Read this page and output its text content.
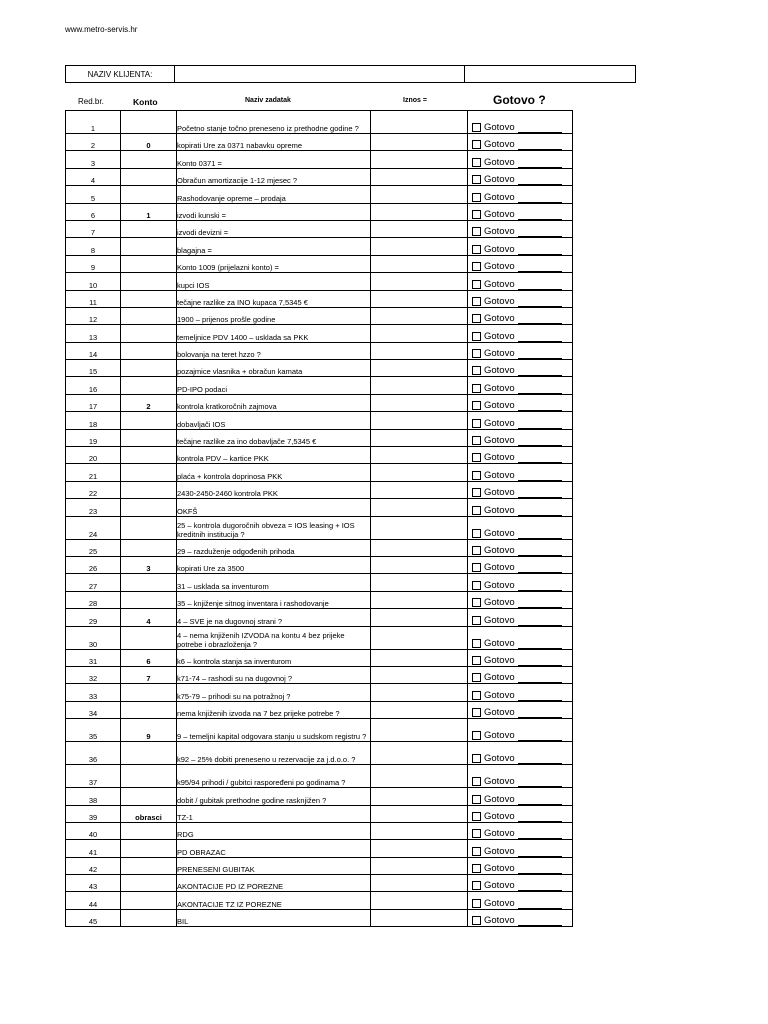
www.metro-servis.hr
NAZIV KLIJENTA:
Red.br.	Konto	Naziv zadatak	Iznos =	Gotovo ?
1		Početno stanje točno preneseno iz prethodne godine ?		Gotovo
2	0	kopirati Ure za 0371 nabavku opreme		Gotovo
3		Konto 0371 =		Gotovo
4		Obračun amortizacije 1-12 mjesec ?		Gotovo
5		Rashodovanje opreme – prodaja		Gotovo
6	1	izvodi kunski =		Gotovo
7		izvodi devizni =		Gotovo
8		blagajna =		Gotovo
9		Konto 1009 (prijelazni konto) =		Gotovo
10		kupci IOS		Gotovo
11		tečajne razlike za INO kupaca 7,5345 €		Gotovo
12		1900 – prijenos prošle godine		Gotovo
13		temeljnice PDV 1400 – usklada sa PKK		Gotovo
14		bolovanja na teret hzzo ?		Gotovo
15		pozajmice vlasnika + obračun kamata		Gotovo
16		PD-IPO podaci		Gotovo
17	2	kontrola kratkoročnih zajmova		Gotovo
18		dobavljači IOS		Gotovo
19		tečajne razlike za ino dobavljače 7,5345 €		Gotovo
20		kontrola PDV – kartice PKK		Gotovo
21		plaća + kontrola doprinosa PKK		Gotovo
22		2430-2450-2460 kontrola PKK		Gotovo
23		OKFŠ		Gotovo
24		25 – kontrola dugoročnih obveza = IOS leasing + IOS kreditnih institucija ?		Gotovo
25		29 – razduženje odgođenih prihoda		Gotovo
26	3	kopirati Ure za 3500		Gotovo
27		31 – usklada sa inventurom		Gotovo
28		35 – knjiženje sitnog inventara i rashodovanje		Gotovo
29	4	4 – SVE je na dugovnoj strani ?		Gotovo
30		4 – nema knjiženih IZVODA na kontu 4 bez prijeke potrebe i obrazloženja ?		Gotovo
31	6	k6 – kontrola stanja sa inventurom		Gotovo
32	7	k71-74 – rashodi su na dugovnoj ?		Gotovo
33		k75-79 – prihodi su na potražnoj ?		Gotovo
34		nema knjiženih izvoda na 7 bez prijeke potrebe ?		Gotovo
35	9	9 – temeljni kapital odgovara stanju u sudskom registru ?		Gotovo
36		k92 – 25% dobiti preneseno u rezervacije za j.d.o.o. ?		Gotovo
37		k95/94 prihodi / gubitci raspoređeni po godinama ?		Gotovo
38		dobit / gubitak prethodne godine rasknjižen ?		Gotovo
39	obrasci	TZ-1		Gotovo
40		RDG		Gotovo
41		PD OBRAZAC		Gotovo
42		PRENESENI GUBITAK		Gotovo
43		AKONTACIJE PD IZ POREZNE		Gotovo
44		AKONTACIJE TZ IZ POREZNE		Gotovo
45		BIL		Gotovo
